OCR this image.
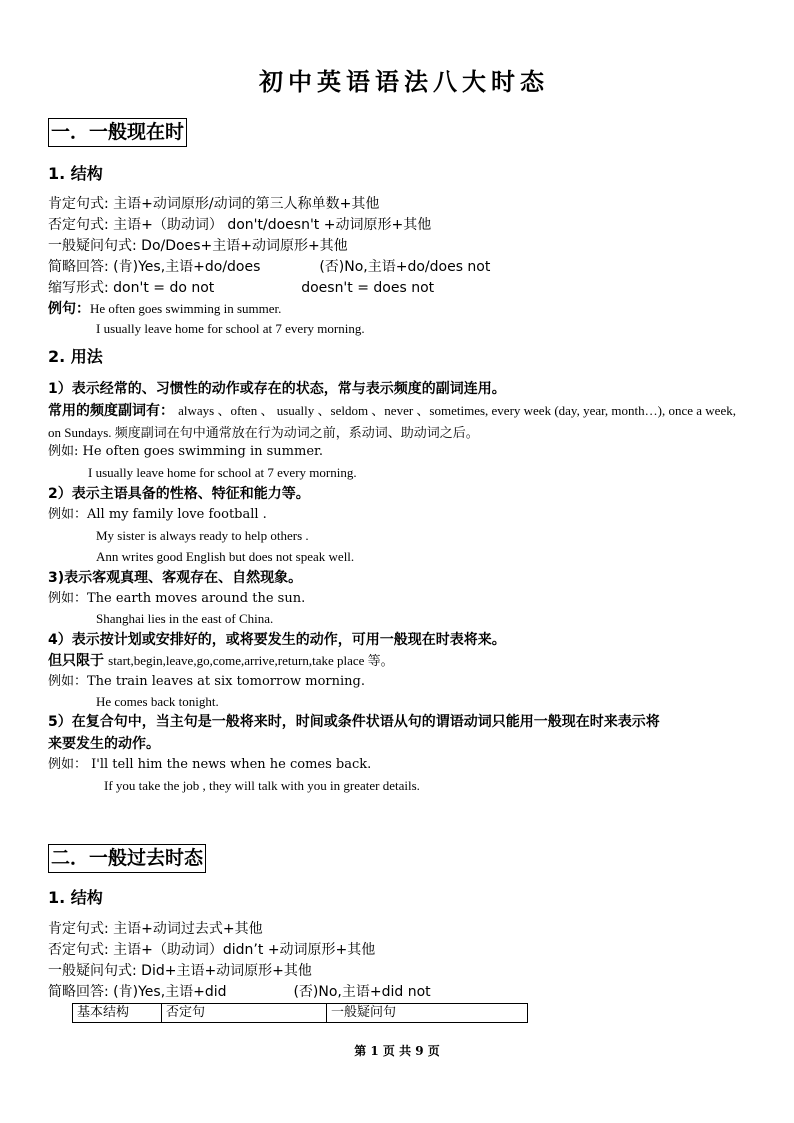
初中英语语法八大时态
一．一般现在时
1. 结构
肯定句式: 主语+动词原形/动词的第三人称单数+其他
否定句式: 主语+（助动词） don't/doesn't +动词原形+其他
一般疑问句式: Do/Does+主语+动词原形+其他
简略回答: (肯)Yes,主语+do/does	(否)No,主语+do/does not
缩写形式: don't = do not	doesn't = does not
例句：He often goes swimming in summer.
I usually leave home for school at 7 every morning.
2. 用法
1）表示经常的、习惯性的动作或存在的状态，常与表示频度的副词连用。
常用的频度副词有： always 、often 、 usually 、seldom 、never 、sometimes, every week (day, year, month…), once a week, on Sundays. 频度副词在句中通常放在行为动词之前，系动词、助动词之后。
例如: He often goes swimming in summer.
I usually leave home for school at 7 every morning.
2）表示主语具备的性格、特征和能力等。
例如：All my family love football .
My sister is always ready to help others .
Ann writes good English but does not speak well.
3)表示客观真理、客观存在、自然现象。
例如：The earth moves around the sun.
Shanghai lies in the east of China.
4）表示按计划或安排好的，或将要发生的动作，可用一般现在时表将来。
但只限于 start,begin,leave,go,come,arrive,return,take place 等。
例如：The train leaves at six tomorrow morning.
He comes back tonight.
5）在复合句中，当主句是一般将来时，时间或条件状语从句的谓语动词只能用一般现在时来表示将
来要发生的动作。
例如： I'll tell him the news when he comes back.
If you take the job , they will talk with you in greater details.
二．一般过去时态
1. 结构
肯定句式: 主语+动词过去式+其他
否定句式: 主语+（助动词）didn’t +动词原形+其他
一般疑问句式: Did+主语+动词原形+其他
简略回答: (肯)Yes,主语+did	(否)No,主语+did not
基本结构	否定句	一般疑问句
第 1 页 共 9 页
